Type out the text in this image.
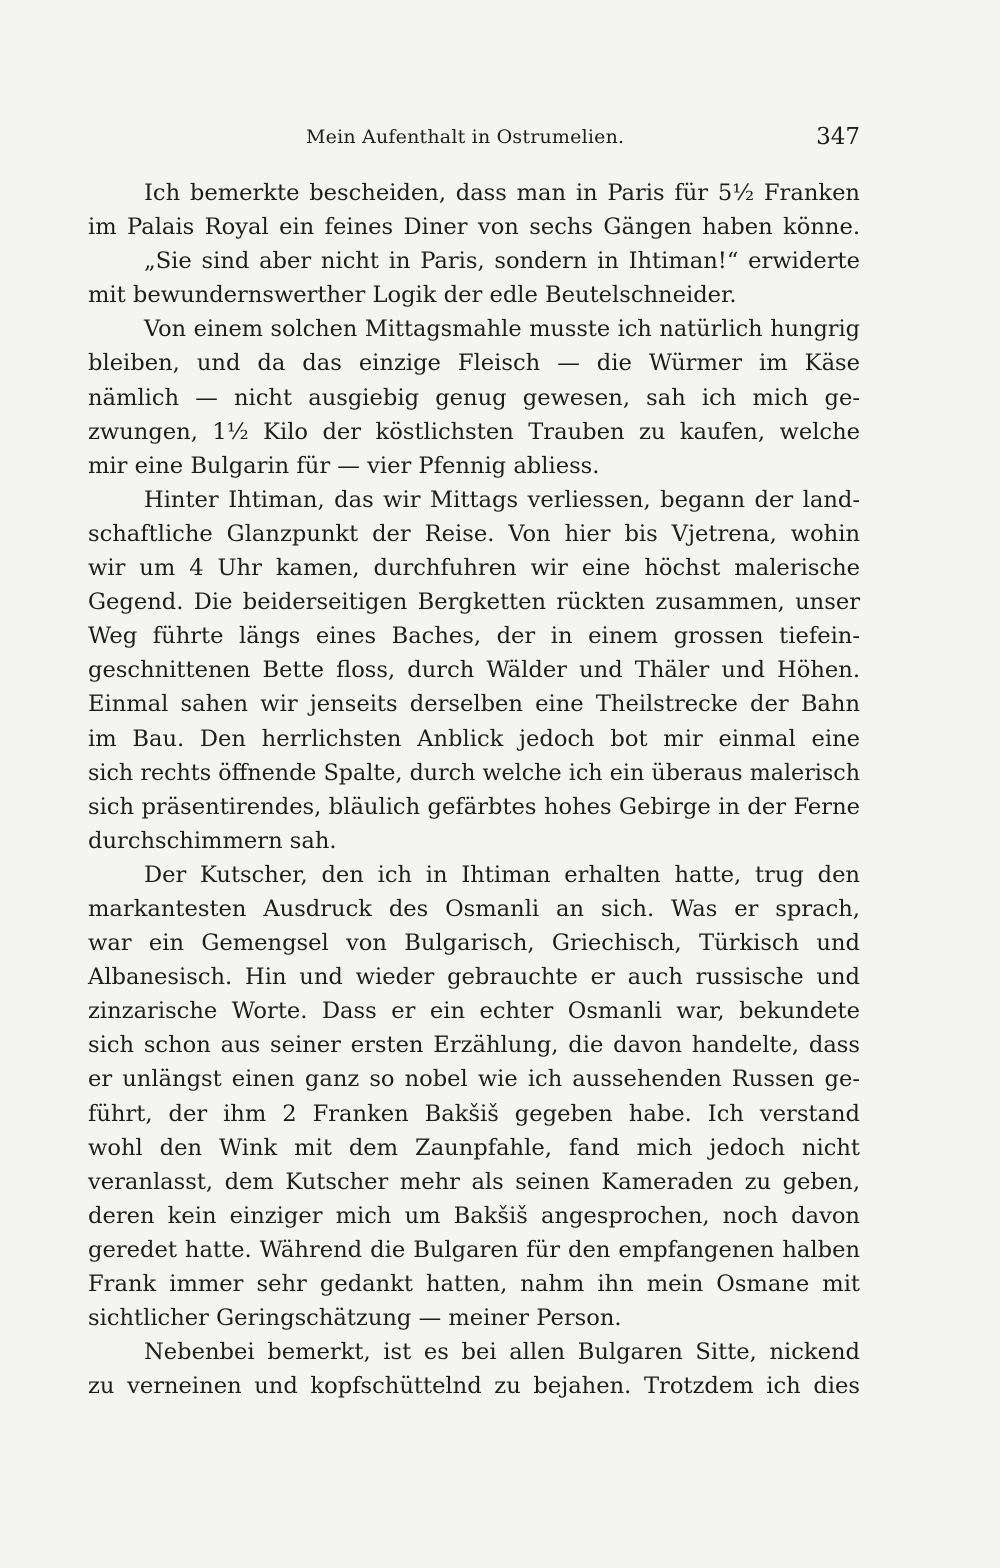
Mein Aufenthalt in Ostrumelien.	347
Ich bemerkte bescheiden, dass man in Paris für 5½ Franken
im Palais Royal ein feines Diner von sechs Gängen haben könne.
„Sie sind aber nicht in Paris, sondern in Ihtiman!“ erwiderte
mit bewundernswerther Logik der edle Beutelschneider.
Von einem solchen Mittagsmahle musste ich natürlich hungrig
bleiben, und da das einzige Fleisch — die Würmer im Käse
nämlich — nicht ausgiebig genug gewesen, sah ich mich ge-
zwungen, 1½ Kilo der köstlichsten Trauben zu kaufen, welche
mir eine Bulgarin für — vier Pfennig abliess.
Hinter Ihtiman, das wir Mittags verliessen, begann der land-
schaftliche Glanzpunkt der Reise. Von hier bis Vjetrena, wohin
wir um 4 Uhr kamen, durchfuhren wir eine höchst malerische
Gegend. Die beiderseitigen Bergketten rückten zusammen, unser
Weg führte längs eines Baches, der in einem grossen tiefein-
geschnittenen Bette floss, durch Wälder und Thäler und Höhen.
Einmal sahen wir jenseits derselben eine Theilstrecke der Bahn
im Bau. Den herrlichsten Anblick jedoch bot mir einmal eine
sich rechts öffnende Spalte, durch welche ich ein überaus malerisch
sich präsentirendes, bläulich gefärbtes hohes Gebirge in der Ferne
durchschimmern sah.
Der Kutscher, den ich in Ihtiman erhalten hatte, trug den
markantesten Ausdruck des Osmanli an sich. Was er sprach,
war ein Gemengsel von Bulgarisch, Griechisch, Türkisch und
Albanesisch. Hin und wieder gebrauchte er auch russische und
zinzarische Worte. Dass er ein echter Osmanli war, bekundete
sich schon aus seiner ersten Erzählung, die davon handelte, dass
er unlängst einen ganz so nobel wie ich aussehenden Russen ge-
führt, der ihm 2 Franken Bakšiš gegeben habe. Ich verstand
wohl den Wink mit dem Zaunpfahle, fand mich jedoch nicht
veranlasst, dem Kutscher mehr als seinen Kameraden zu geben,
deren kein einziger mich um Bakšiš angesprochen, noch davon
geredet hatte. Während die Bulgaren für den empfangenen halben
Frank immer sehr gedankt hatten, nahm ihn mein Osmane mit
sichtlicher Geringschätzung — meiner Person.
Nebenbei bemerkt, ist es bei allen Bulgaren Sitte, nickend
zu verneinen und kopfschüttelnd zu bejahen. Trotzdem ich dies
